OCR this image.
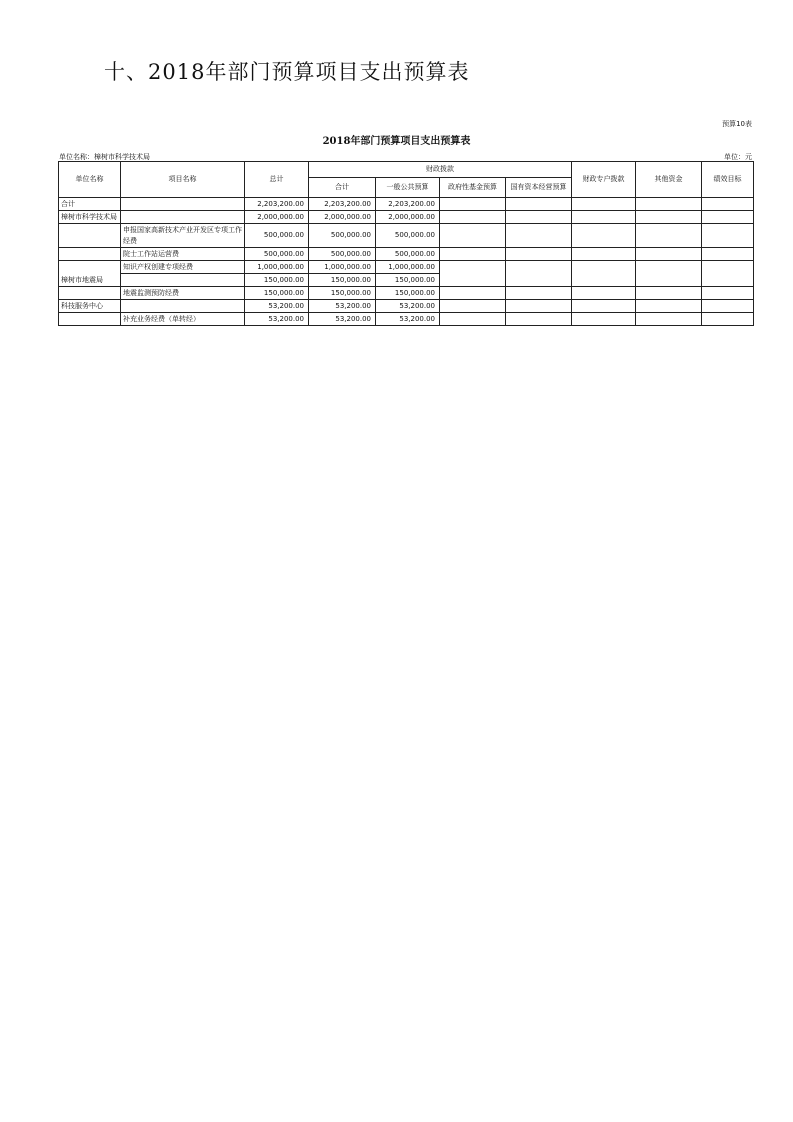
十、2018年部门预算项目支出预算表
预算10表
2018年部门预算项目支出预算表
单位名称：樟树市科学技术局	单位：元
单位名称	项目名称	总计	财政拨款				财政专户拨款	其他资金	绩效目标
			合计	一般公共预算	政府性基金预算	国有资本经营预算			
合计		2,203,200.00	2,203,200.00	2,203,200.00					
樟树市科学技术局		2,000,000.00	2,000,000.00	2,000,000.00					
	申报国家高新技术产业开发区专项工作经费	500,000.00	500,000.00	500,000.00					
	院士工作站运营费	500,000.00	500,000.00	500,000.00					
樟树市地震局	知识产权创建专项经费	1,000,000.00	1,000,000.00	1,000,000.00					
		150,000.00	150,000.00	150,000.00					
	地震监测预防经费	150,000.00	150,000.00	150,000.00					
科技服务中心		53,200.00	53,200.00	53,200.00					
	补充业务经费（单转经）	53,200.00	53,200.00	53,200.00					
